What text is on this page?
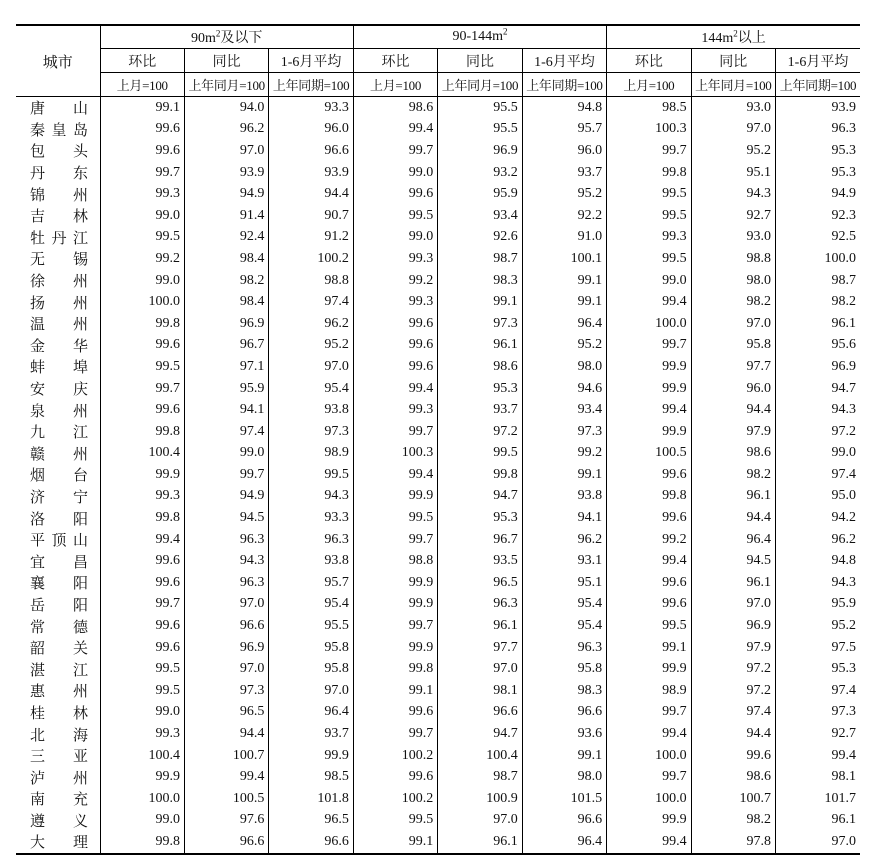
城市	$90m^2$及以下			$90-144m^2$			$144m^2$以上		
	环比	同比	1-6月平均	环比	同比	1-6月平均	环比	同比	1-6月平均
	上月=100	上年同月=100	上年同期=100	上月=100	上年同月=100	上年同期=100	上月=100	上年同月=100	上年同期=100
唐山	99.1	94.0	93.3	98.6	95.5	94.8	98.5	93.0	93.9
秦皇岛	99.6	96.2	96.0	99.4	95.5	95.7	100.3	97.0	96.3
包头	99.6	97.0	96.6	99.7	96.9	96.0	99.7	95.2	95.3
丹东	99.7	93.9	93.9	99.0	93.2	93.7	99.8	95.1	95.3
锦州	99.3	94.9	94.4	99.6	95.9	95.2	99.5	94.3	94.9
吉林	99.0	91.4	90.7	99.5	93.4	92.2	99.5	92.7	92.3
牡丹江	99.5	92.4	91.2	99.0	92.6	91.0	99.3	93.0	92.5
无锡	99.2	98.4	100.2	99.3	98.7	100.1	99.5	98.8	100.0
徐州	99.0	98.2	98.8	99.2	98.3	99.1	99.0	98.0	98.7
扬州	100.0	98.4	97.4	99.3	99.1	99.1	99.4	98.2	98.2
温州	99.8	96.9	96.2	99.6	97.3	96.4	100.0	97.0	96.1
金华	99.6	96.7	95.2	99.6	96.1	95.2	99.7	95.8	95.6
蚌埠	99.5	97.1	97.0	99.6	98.6	98.0	99.9	97.7	96.9
安庆	99.7	95.9	95.4	99.4	95.3	94.6	99.9	96.0	94.7
泉州	99.6	94.1	93.8	99.3	93.7	93.4	99.4	94.4	94.3
九江	99.8	97.4	97.3	99.7	97.2	97.3	99.9	97.9	97.2
赣州	100.4	99.0	98.9	100.3	99.5	99.2	100.5	98.6	99.0
烟台	99.9	99.7	99.5	99.4	99.8	99.1	99.6	98.2	97.4
济宁	99.3	94.9	94.3	99.9	94.7	93.8	99.8	96.1	95.0
洛阳	99.8	94.5	93.3	99.5	95.3	94.1	99.6	94.4	94.2
平顶山	99.4	96.3	96.3	99.7	96.7	96.2	99.2	96.4	96.2
宜昌	99.6	94.3	93.8	98.8	93.5	93.1	99.4	94.5	94.8
襄阳	99.6	96.3	95.7	99.9	96.5	95.1	99.6	96.1	94.3
岳阳	99.7	97.0	95.4	99.9	96.3	95.4	99.6	97.0	95.9
常德	99.6	96.6	95.5	99.7	96.1	95.4	99.5	96.9	95.2
韶关	99.6	96.9	95.8	99.9	97.7	96.3	99.1	97.9	97.5
湛江	99.5	97.0	95.8	99.8	97.0	95.8	99.9	97.2	95.3
惠州	99.5	97.3	97.0	99.1	98.1	98.3	98.9	97.2	97.4
桂林	99.0	96.5	96.4	99.6	96.6	96.6	99.7	97.4	97.3
北海	99.3	94.4	93.7	99.7	94.7	93.6	99.4	94.4	92.7
三亚	100.4	100.7	99.9	100.2	100.4	99.1	100.0	99.6	99.4
泸州	99.9	99.4	98.5	99.6	98.7	98.0	99.7	98.6	98.1
南充	100.0	100.5	101.8	100.2	100.9	101.5	100.0	100.7	101.7
遵义	99.0	97.6	96.5	99.5	97.0	96.6	99.9	98.2	96.1
大理	99.8	96.6	96.6	99.1	96.1	96.4	99.4	97.8	97.0
